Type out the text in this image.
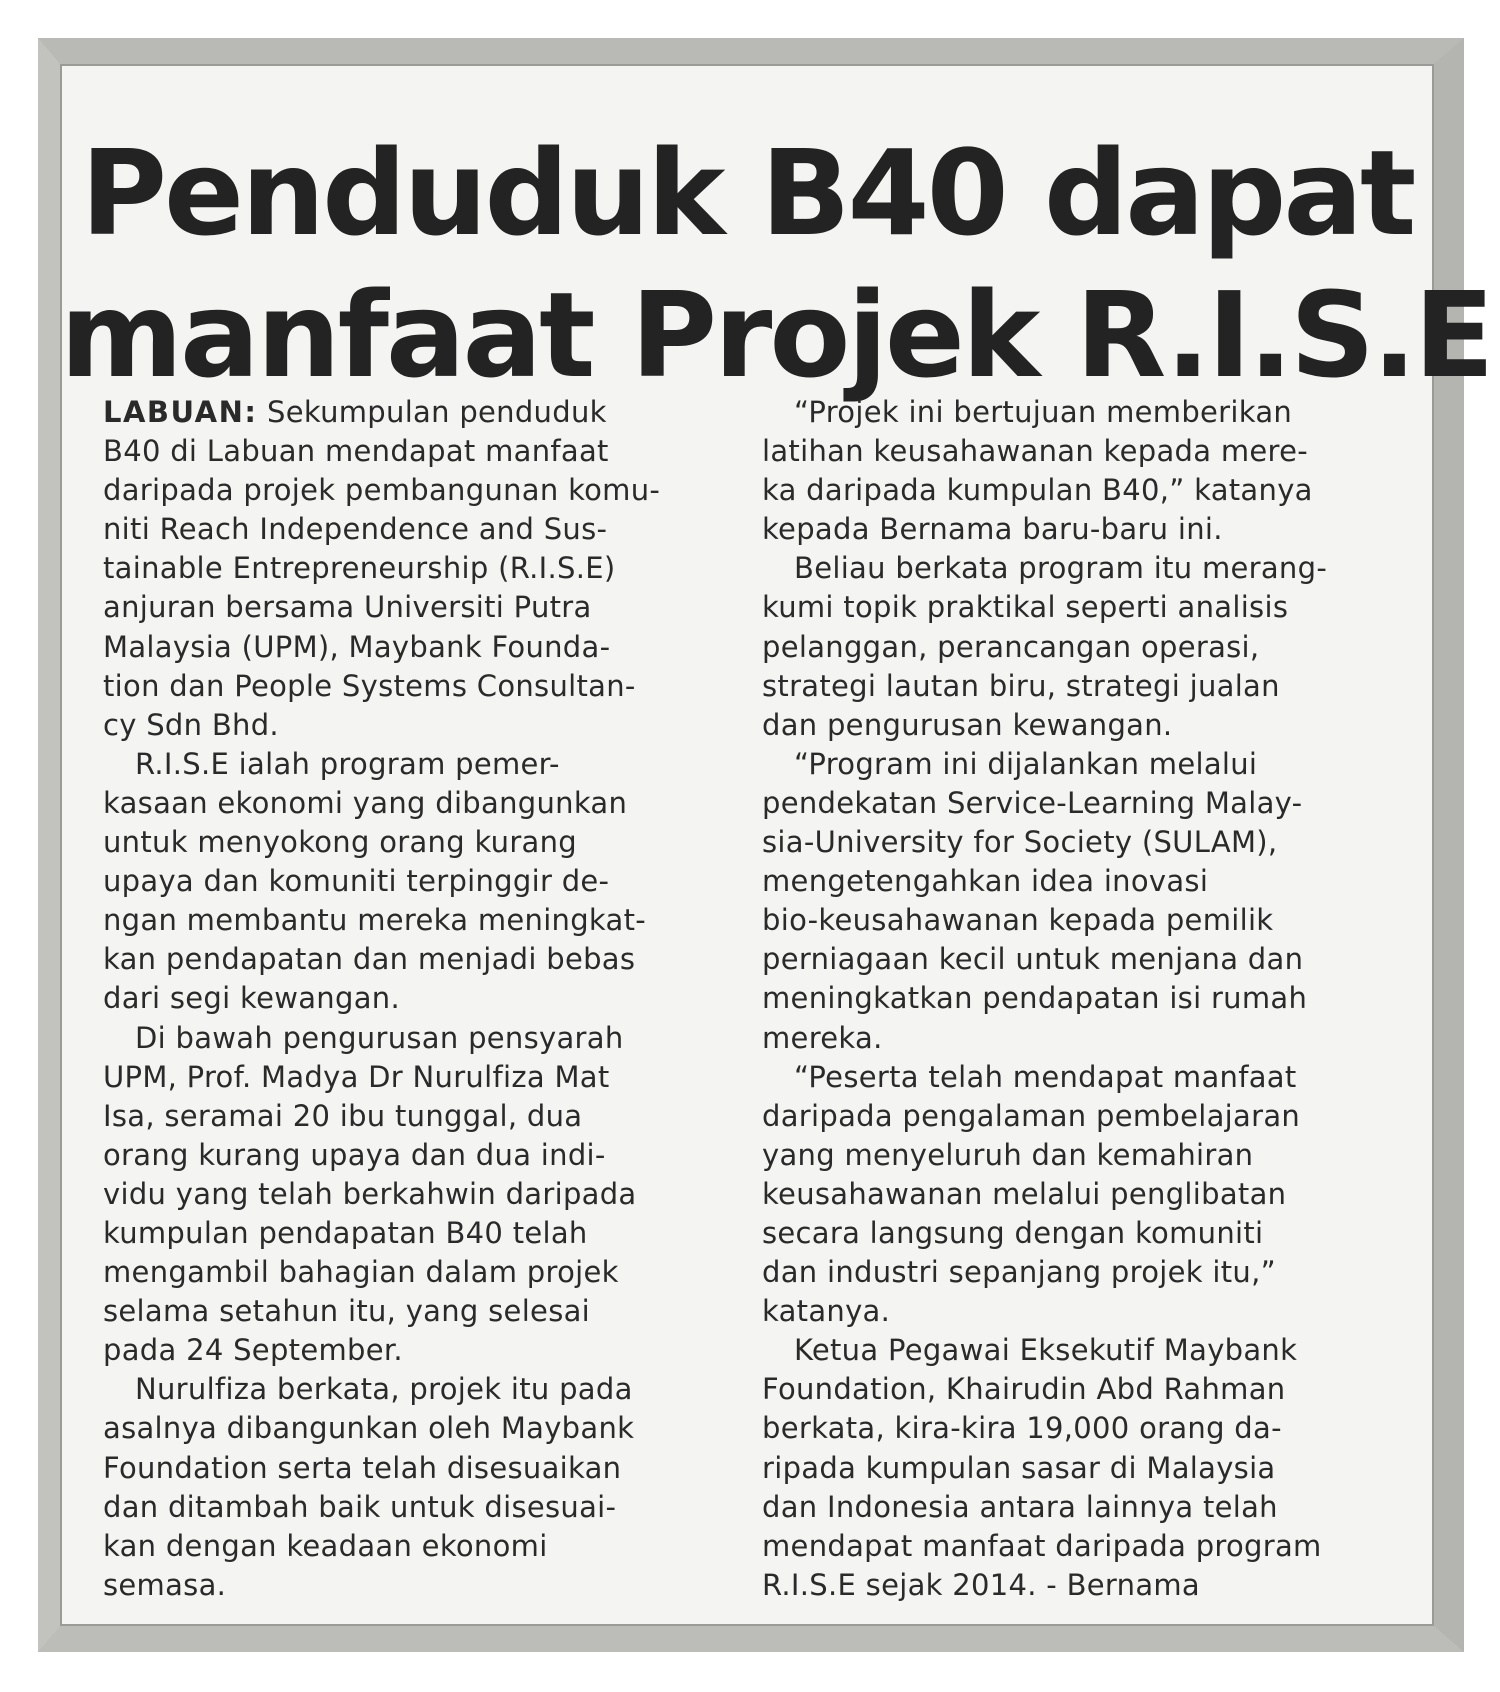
Penduduk B40 dapat
manfaat Projek R.I.S.E
LABUAN: Sekumpulan penduduk
B40 di Labuan mendapat manfaat
daripada projek pembangunan komu-
niti Reach Independence and Sus-
tainable Entrepreneurship (R.I.S.E)
anjuran bersama Universiti Putra
Malaysia (UPM), Maybank Founda-
tion dan People Systems Consultan-
cy Sdn Bhd.
R.I.S.E ialah program pemer-
kasaan ekonomi yang dibangunkan
untuk menyokong orang kurang
upaya dan komuniti terpinggir de-
ngan membantu mereka meningkat-
kan pendapatan dan menjadi bebas
dari segi kewangan.
Di bawah pengurusan pensyarah
UPM, Prof. Madya Dr Nurulfiza Mat
Isa, seramai 20 ibu tunggal, dua
orang kurang upaya dan dua indi-
vidu yang telah berkahwin daripada
kumpulan pendapatan B40 telah
mengambil bahagian dalam projek
selama setahun itu, yang selesai
pada 24 September.
Nurulfiza berkata, projek itu pada
asalnya dibangunkan oleh Maybank
Foundation serta telah disesuaikan
dan ditambah baik untuk disesuai-
kan dengan keadaan ekonomi
semasa.
“Projek ini bertujuan memberikan
latihan keusahawanan kepada mere-
ka daripada kumpulan B40,” katanya
kepada Bernama baru-baru ini.
Beliau berkata program itu merang-
kumi topik praktikal seperti analisis
pelanggan, perancangan operasi,
strategi lautan biru, strategi jualan
dan pengurusan kewangan.
“Program ini dijalankan melalui
pendekatan Service-Learning Malay-
sia-University for Society (SULAM),
mengetengahkan idea inovasi
bio-keusahawanan kepada pemilik
perniagaan kecil untuk menjana dan
meningkatkan pendapatan isi rumah
mereka.
“Peserta telah mendapat manfaat
daripada pengalaman pembelajaran
yang menyeluruh dan kemahiran
keusahawanan melalui penglibatan
secara langsung dengan komuniti
dan industri sepanjang projek itu,”
katanya.
Ketua Pegawai Eksekutif Maybank
Foundation, Khairudin Abd Rahman
berkata, kira-kira 19,000 orang da-
ripada kumpulan sasar di Malaysia
dan Indonesia antara lainnya telah
mendapat manfaat daripada program
R.I.S.E sejak 2014. - Bernama
